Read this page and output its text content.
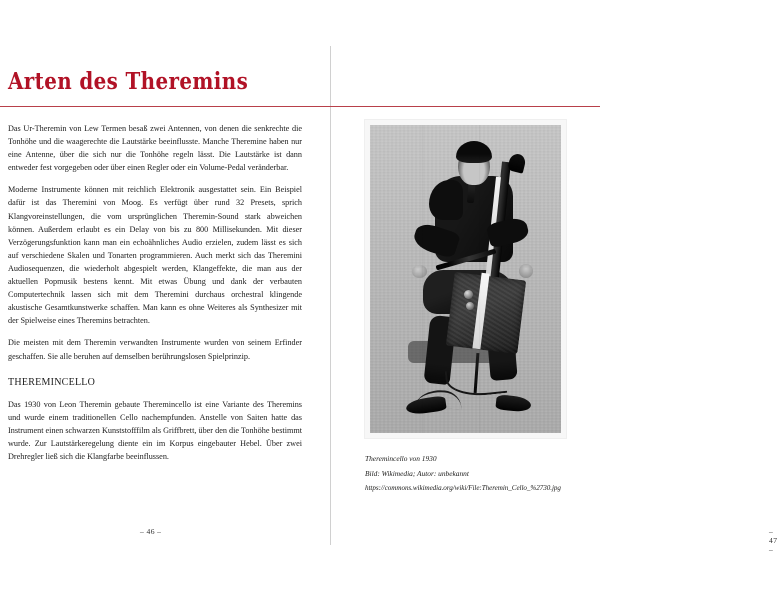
Arten des Theremins

Das Ur-Theremin von Lew Termen besaß zwei Antennen, von denen die senkrechte die Tonhöhe und die waagerechte die Lautstärke beeinflusste. Manche Theremine haben nur eine Antenne, über die sich nur die Tonhöhe regeln lässt. Die Lautstärke ist dann entweder fest vorgegeben oder über einen Regler oder ein Volume-Pedal veränderbar.

Moderne Instrumente können mit reichlich Elektronik ausgestattet sein. Ein Beispiel dafür ist das Theremini von Moog. Es verfügt über rund 32 Presets, sprich Klangvoreinstellungen, die vom ursprünglichen Theremin-Sound stark abweichen können. Außerdem erlaubt es ein Delay von bis zu 800 Millisekunden. Mit dieser Verzögerungsfunktion kann man ein echoähnliches Audio erzielen, zudem lässt es sich auf verschiedene Skalen und Tonarten programmieren. Auch merkt sich das Theremini Audiosequenzen, die wiederholt abgespielt werden, Klangeffekte, die man aus der aktuellen Popmusik bestens kennt. Mit etwas Übung und dank der verbauten Computertechnik lassen sich mit dem Theremini durchaus orchestral klingende akustische Gesamtkunstwerke schaffen. Man kann es ohne Weiteres als Synthesizer mit der Spielweise eines Theremins betrachten.

Die meisten mit dem Theremin verwandten Instrumente wurden von seinem Erfinder geschaffen. Sie alle beruhen auf demselben berührungslosen Spielprinzip.

THEREMINCELLO

Das 1930 von Leon Theremin gebaute Theremincello ist eine Variante des Theremins und wurde einem traditionellen Cello nachempfunden. Anstelle von Saiten hatte das Instrument einen schwarzen Kunststofffilm als Griffbrett, über den die Tonhöhe bestimmt wurde. Zur Lautstärkeregelung diente ein im Korpus eingebauter Hebel. Über zwei Drehregler ließ sich die Klangfarbe beeinflussen.

– 46 –
Theremincello von 1930
Bild: Wikimedia; Autor: unbekannt
https://commons.wikimedia.org/wiki/File:Theremin_Cello_%2730.jpg
– 47 –
